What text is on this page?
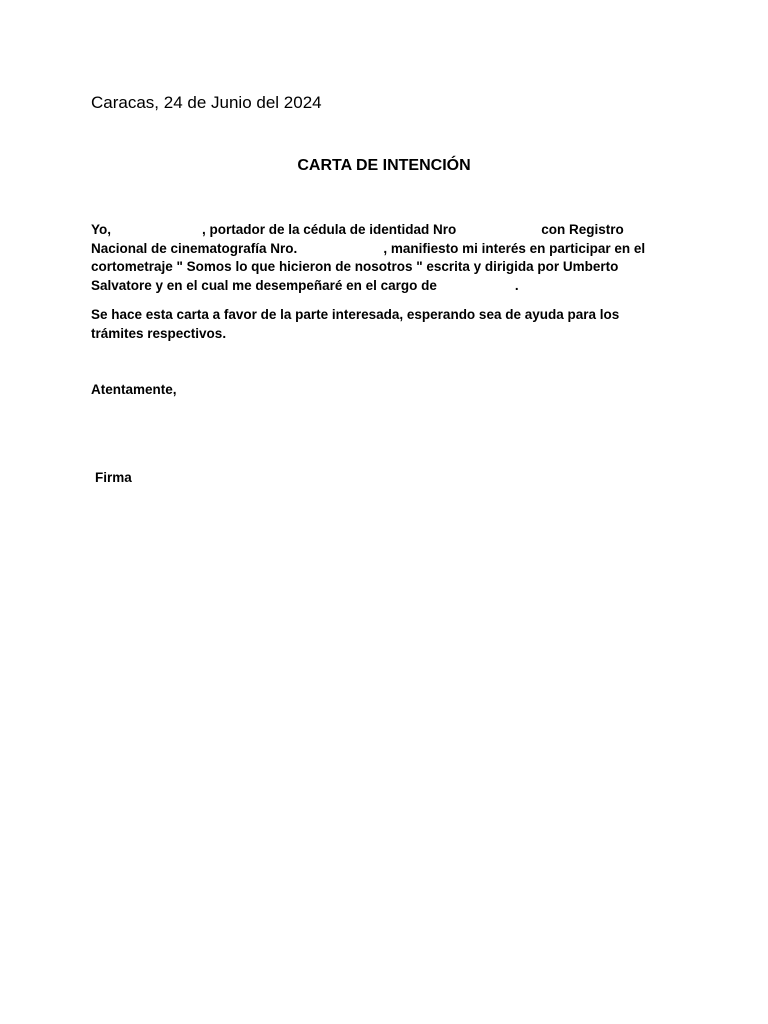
Caracas, 24 de Junio del 2024
CARTA DE INTENCIÓN
Yo,	, portador de la cédula de identidad Nro	con Registro
Nacional de cinematografía Nro.	, manifiesto mi interés en participar en el
cortometraje " Somos lo que hicieron de nosotros " escrita y dirigida por Umberto
Salvatore y en el cual me desempeñaré en el cargo de	.
Se hace esta carta a favor de la parte interesada, esperando sea de ayuda para los
trámites respectivos.
Atentamente,
Firma
